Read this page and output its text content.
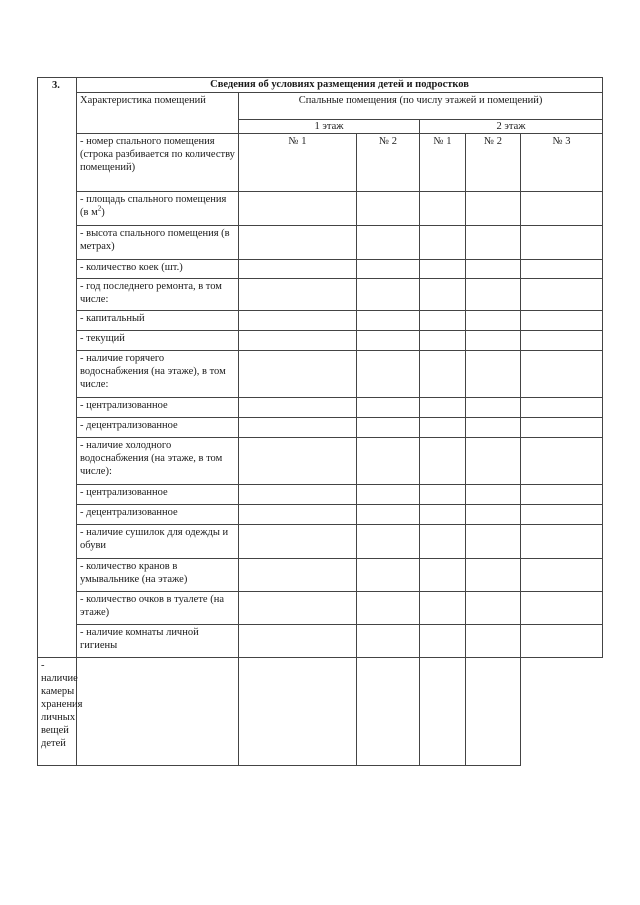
3.	Сведения об условиях размещения детей и подростков					
	Характеристика помещений	Спальные помещения (по числу этажей и помещений)				
		1 этаж		2 этаж		
	- номер спального помещения (строка разбивается по количеству помещений)	№ 1	№ 2	№ 1	№ 2	№ 3
	- площадь спального помещения (в $м^2$)					
	- высота спального помещения (в метрах)					
	- количество коек (шт.)					
	- год последнего ремонта, в том числе:					
	- капитальный					
	- текущий					
	- наличие горячего водоснабжения (на этаже), в том числе:					
	- централизованное					
	- децентрализованное					
	- наличие холодного водоснабжения (на этаже, в том числе):					
	- централизованное					
	- децентрализованное					
	- наличие сушилок для одежды и обуви					
	- количество кранов в умывальнике (на этаже)					
	- количество очков в туалете (на этаже)					
	- наличие комнаты личной гигиены					
- наличие камеры хранения личных вещей детей						
